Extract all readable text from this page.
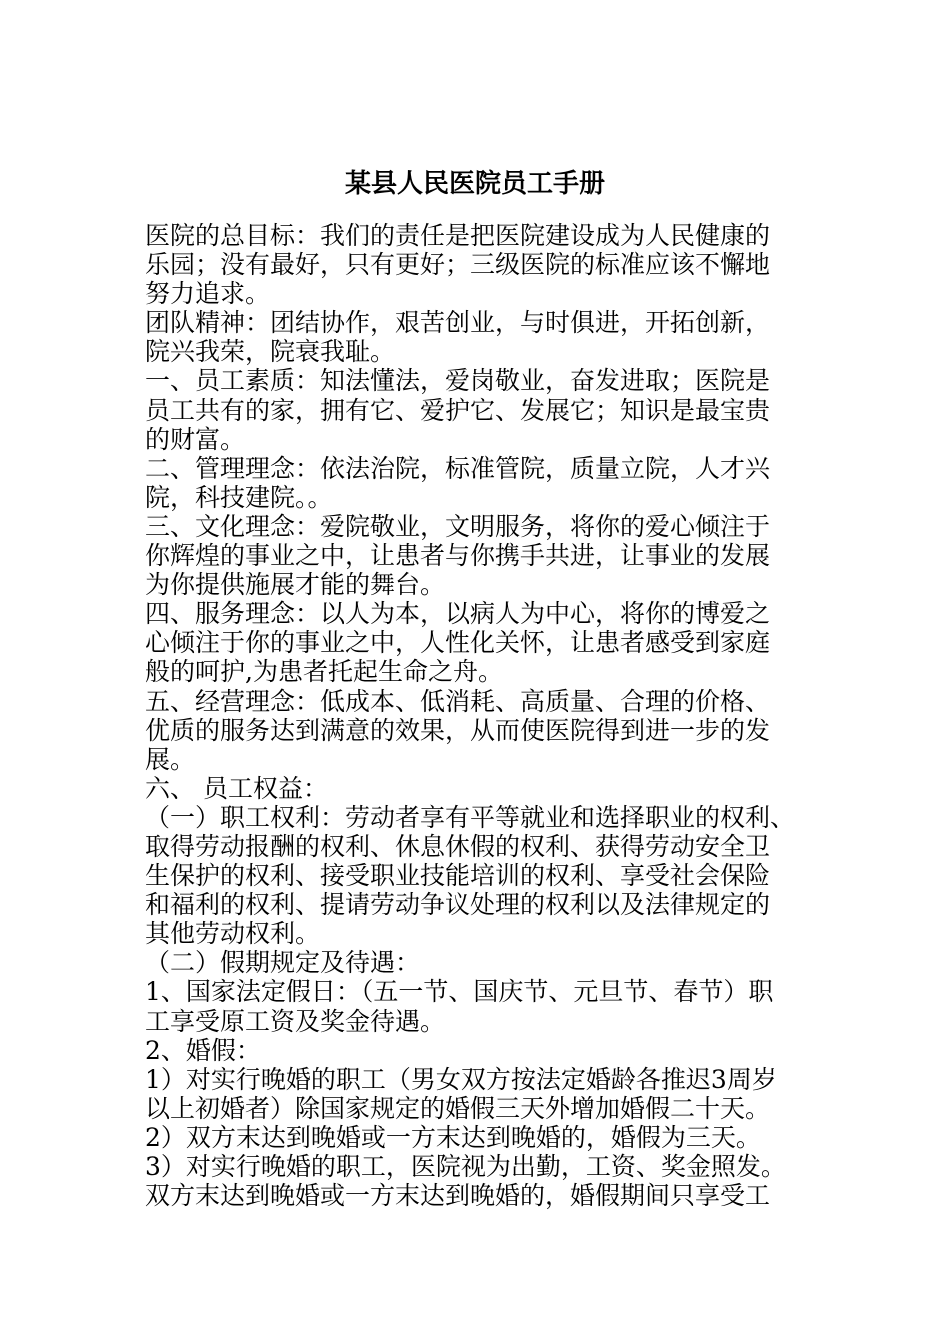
某县人民医院员工手册
医院的总目标：我们的责任是把医院建设成为人民健康的
乐园；没有最好，只有更好；三级医院的标准应该不懈地
努力追求。
团队精神：团结协作，艰苦创业，与时俱进，开拓创新，
院兴我荣，院衰我耻。
一、员工素质：知法懂法，爱岗敬业，奋发进取；医院是
员工共有的家，拥有它、爱护它、发展它；知识是最宝贵
的财富。
二、管理理念：依法治院，标准管院，质量立院，人才兴
院，科技建院。。
三、文化理念：爱院敬业，文明服务，将你的爱心倾注于
你辉煌的事业之中，让患者与你携手共进，让事业的发展
为你提供施展才能的舞台。
四、服务理念：以人为本，以病人为中心，将你的博爱之
心倾注于你的事业之中，人性化关怀，让患者感受到家庭
般的呵护,为患者托起生命之舟。
五、经营理念：低成本、低消耗、高质量、合理的价格、
优质的服务达到满意的效果，从而使医院得到进一步的发
展。
六、 员工权益：
（一）职工权利：劳动者享有平等就业和选择职业的权利、
取得劳动报酬的权利、休息休假的权利、获得劳动安全卫
生保护的权利、接受职业技能培训的权利、享受社会保险
和福利的权利、提请劳动争议处理的权利以及法律规定的
其他劳动权利。
（二）假期规定及待遇：
1、国家法定假日：（五一节、国庆节、元旦节、春节）职
工享受原工资及奖金待遇。
2、婚假：
1）对实行晚婚的职工（男女双方按法定婚龄各推迟3周岁
以上初婚者）除国家规定的婚假三天外增加婚假二十天。
2）双方末达到晚婚或一方末达到晚婚的，婚假为三天。
3）对实行晚婚的职工，医院视为出勤，工资、奖金照发。
双方末达到晚婚或一方末达到晚婚的，婚假期间只享受工
